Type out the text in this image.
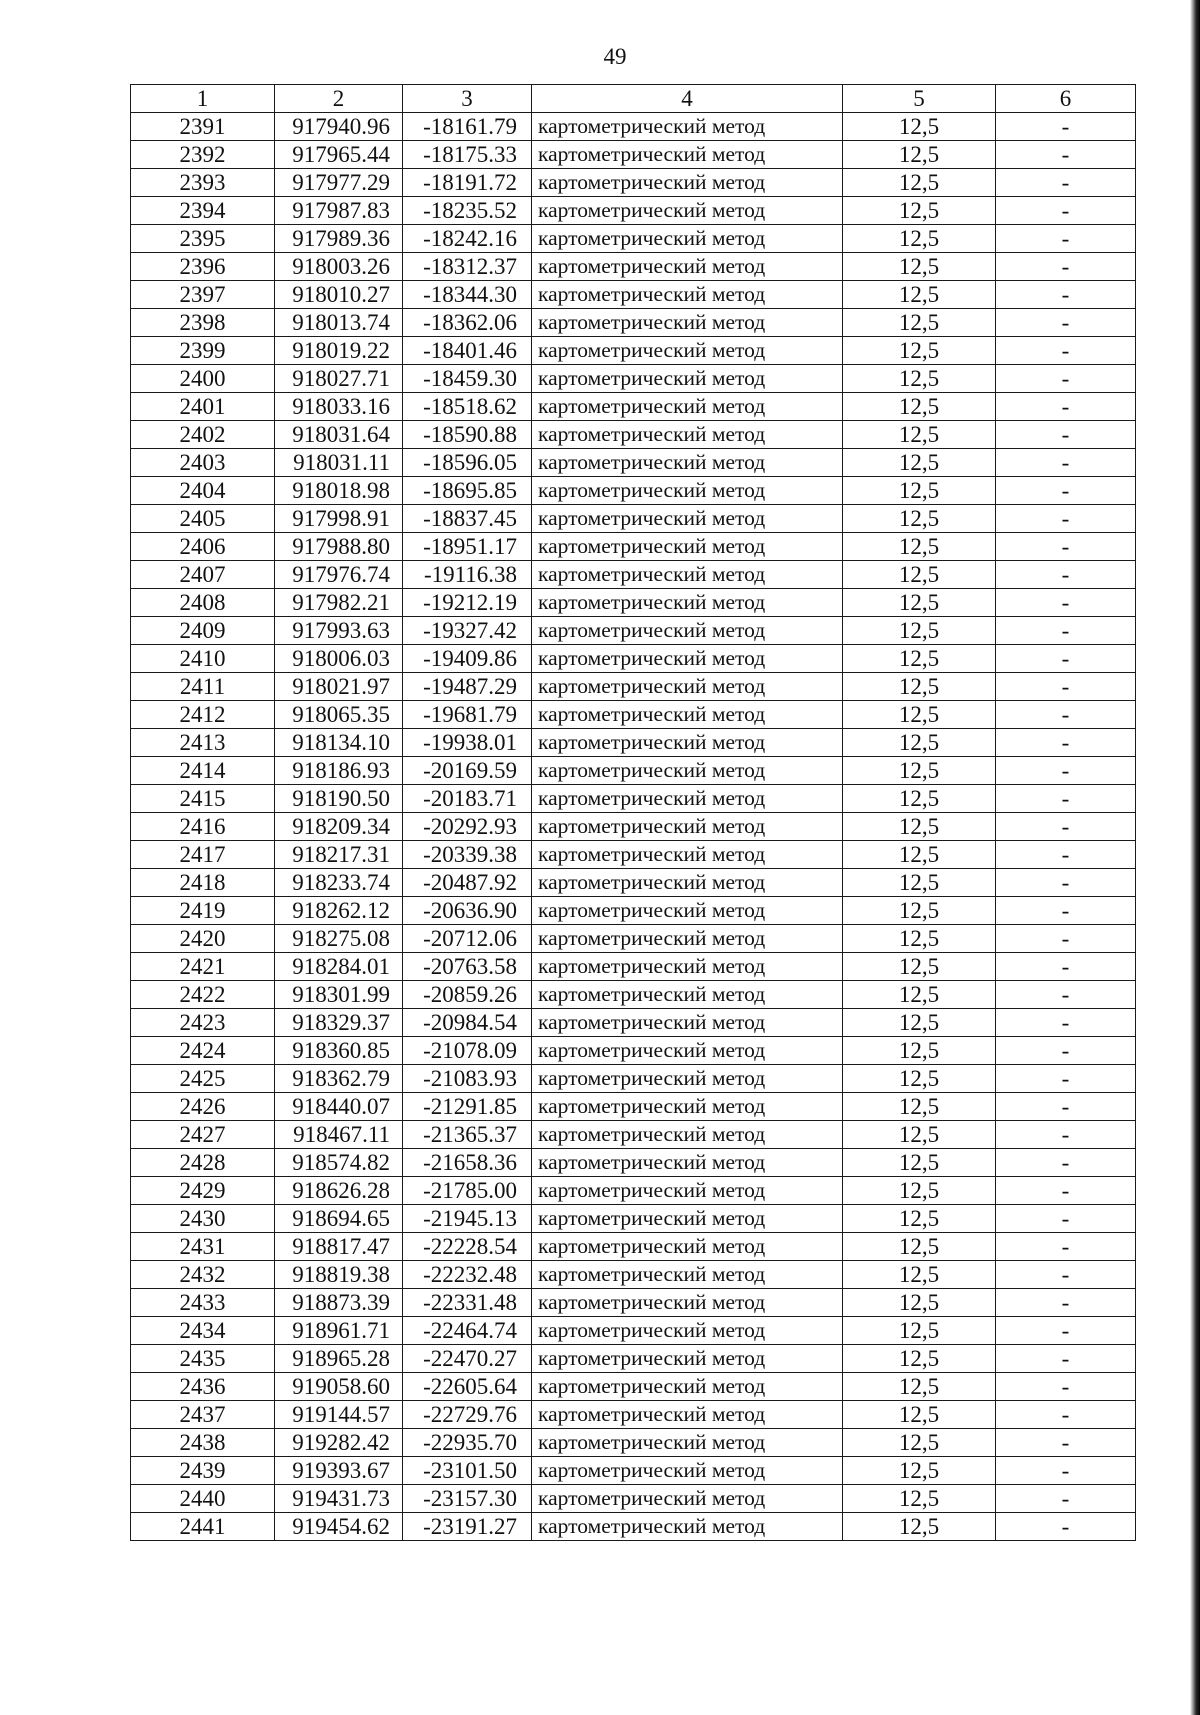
49
1	2	3	4	5	6
2391	917940.96	-18161.79	картометрический метод	12,5	-
2392	917965.44	-18175.33	картометрический метод	12,5	-
2393	917977.29	-18191.72	картометрический метод	12,5	-
2394	917987.83	-18235.52	картометрический метод	12,5	-
2395	917989.36	-18242.16	картометрический метод	12,5	-
2396	918003.26	-18312.37	картометрический метод	12,5	-
2397	918010.27	-18344.30	картометрический метод	12,5	-
2398	918013.74	-18362.06	картометрический метод	12,5	-
2399	918019.22	-18401.46	картометрический метод	12,5	-
2400	918027.71	-18459.30	картометрический метод	12,5	-
2401	918033.16	-18518.62	картометрический метод	12,5	-
2402	918031.64	-18590.88	картометрический метод	12,5	-
2403	918031.11	-18596.05	картометрический метод	12,5	-
2404	918018.98	-18695.85	картометрический метод	12,5	-
2405	917998.91	-18837.45	картометрический метод	12,5	-
2406	917988.80	-18951.17	картометрический метод	12,5	-
2407	917976.74	-19116.38	картометрический метод	12,5	-
2408	917982.21	-19212.19	картометрический метод	12,5	-
2409	917993.63	-19327.42	картометрический метод	12,5	-
2410	918006.03	-19409.86	картометрический метод	12,5	-
2411	918021.97	-19487.29	картометрический метод	12,5	-
2412	918065.35	-19681.79	картометрический метод	12,5	-
2413	918134.10	-19938.01	картометрический метод	12,5	-
2414	918186.93	-20169.59	картометрический метод	12,5	-
2415	918190.50	-20183.71	картометрический метод	12,5	-
2416	918209.34	-20292.93	картометрический метод	12,5	-
2417	918217.31	-20339.38	картометрический метод	12,5	-
2418	918233.74	-20487.92	картометрический метод	12,5	-
2419	918262.12	-20636.90	картометрический метод	12,5	-
2420	918275.08	-20712.06	картометрический метод	12,5	-
2421	918284.01	-20763.58	картометрический метод	12,5	-
2422	918301.99	-20859.26	картометрический метод	12,5	-
2423	918329.37	-20984.54	картометрический метод	12,5	-
2424	918360.85	-21078.09	картометрический метод	12,5	-
2425	918362.79	-21083.93	картометрический метод	12,5	-
2426	918440.07	-21291.85	картометрический метод	12,5	-
2427	918467.11	-21365.37	картометрический метод	12,5	-
2428	918574.82	-21658.36	картометрический метод	12,5	-
2429	918626.28	-21785.00	картометрический метод	12,5	-
2430	918694.65	-21945.13	картометрический метод	12,5	-
2431	918817.47	-22228.54	картометрический метод	12,5	-
2432	918819.38	-22232.48	картометрический метод	12,5	-
2433	918873.39	-22331.48	картометрический метод	12,5	-
2434	918961.71	-22464.74	картометрический метод	12,5	-
2435	918965.28	-22470.27	картометрический метод	12,5	-
2436	919058.60	-22605.64	картометрический метод	12,5	-
2437	919144.57	-22729.76	картометрический метод	12,5	-
2438	919282.42	-22935.70	картометрический метод	12,5	-
2439	919393.67	-23101.50	картометрический метод	12,5	-
2440	919431.73	-23157.30	картометрический метод	12,5	-
2441	919454.62	-23191.27	картометрический метод	12,5	-
